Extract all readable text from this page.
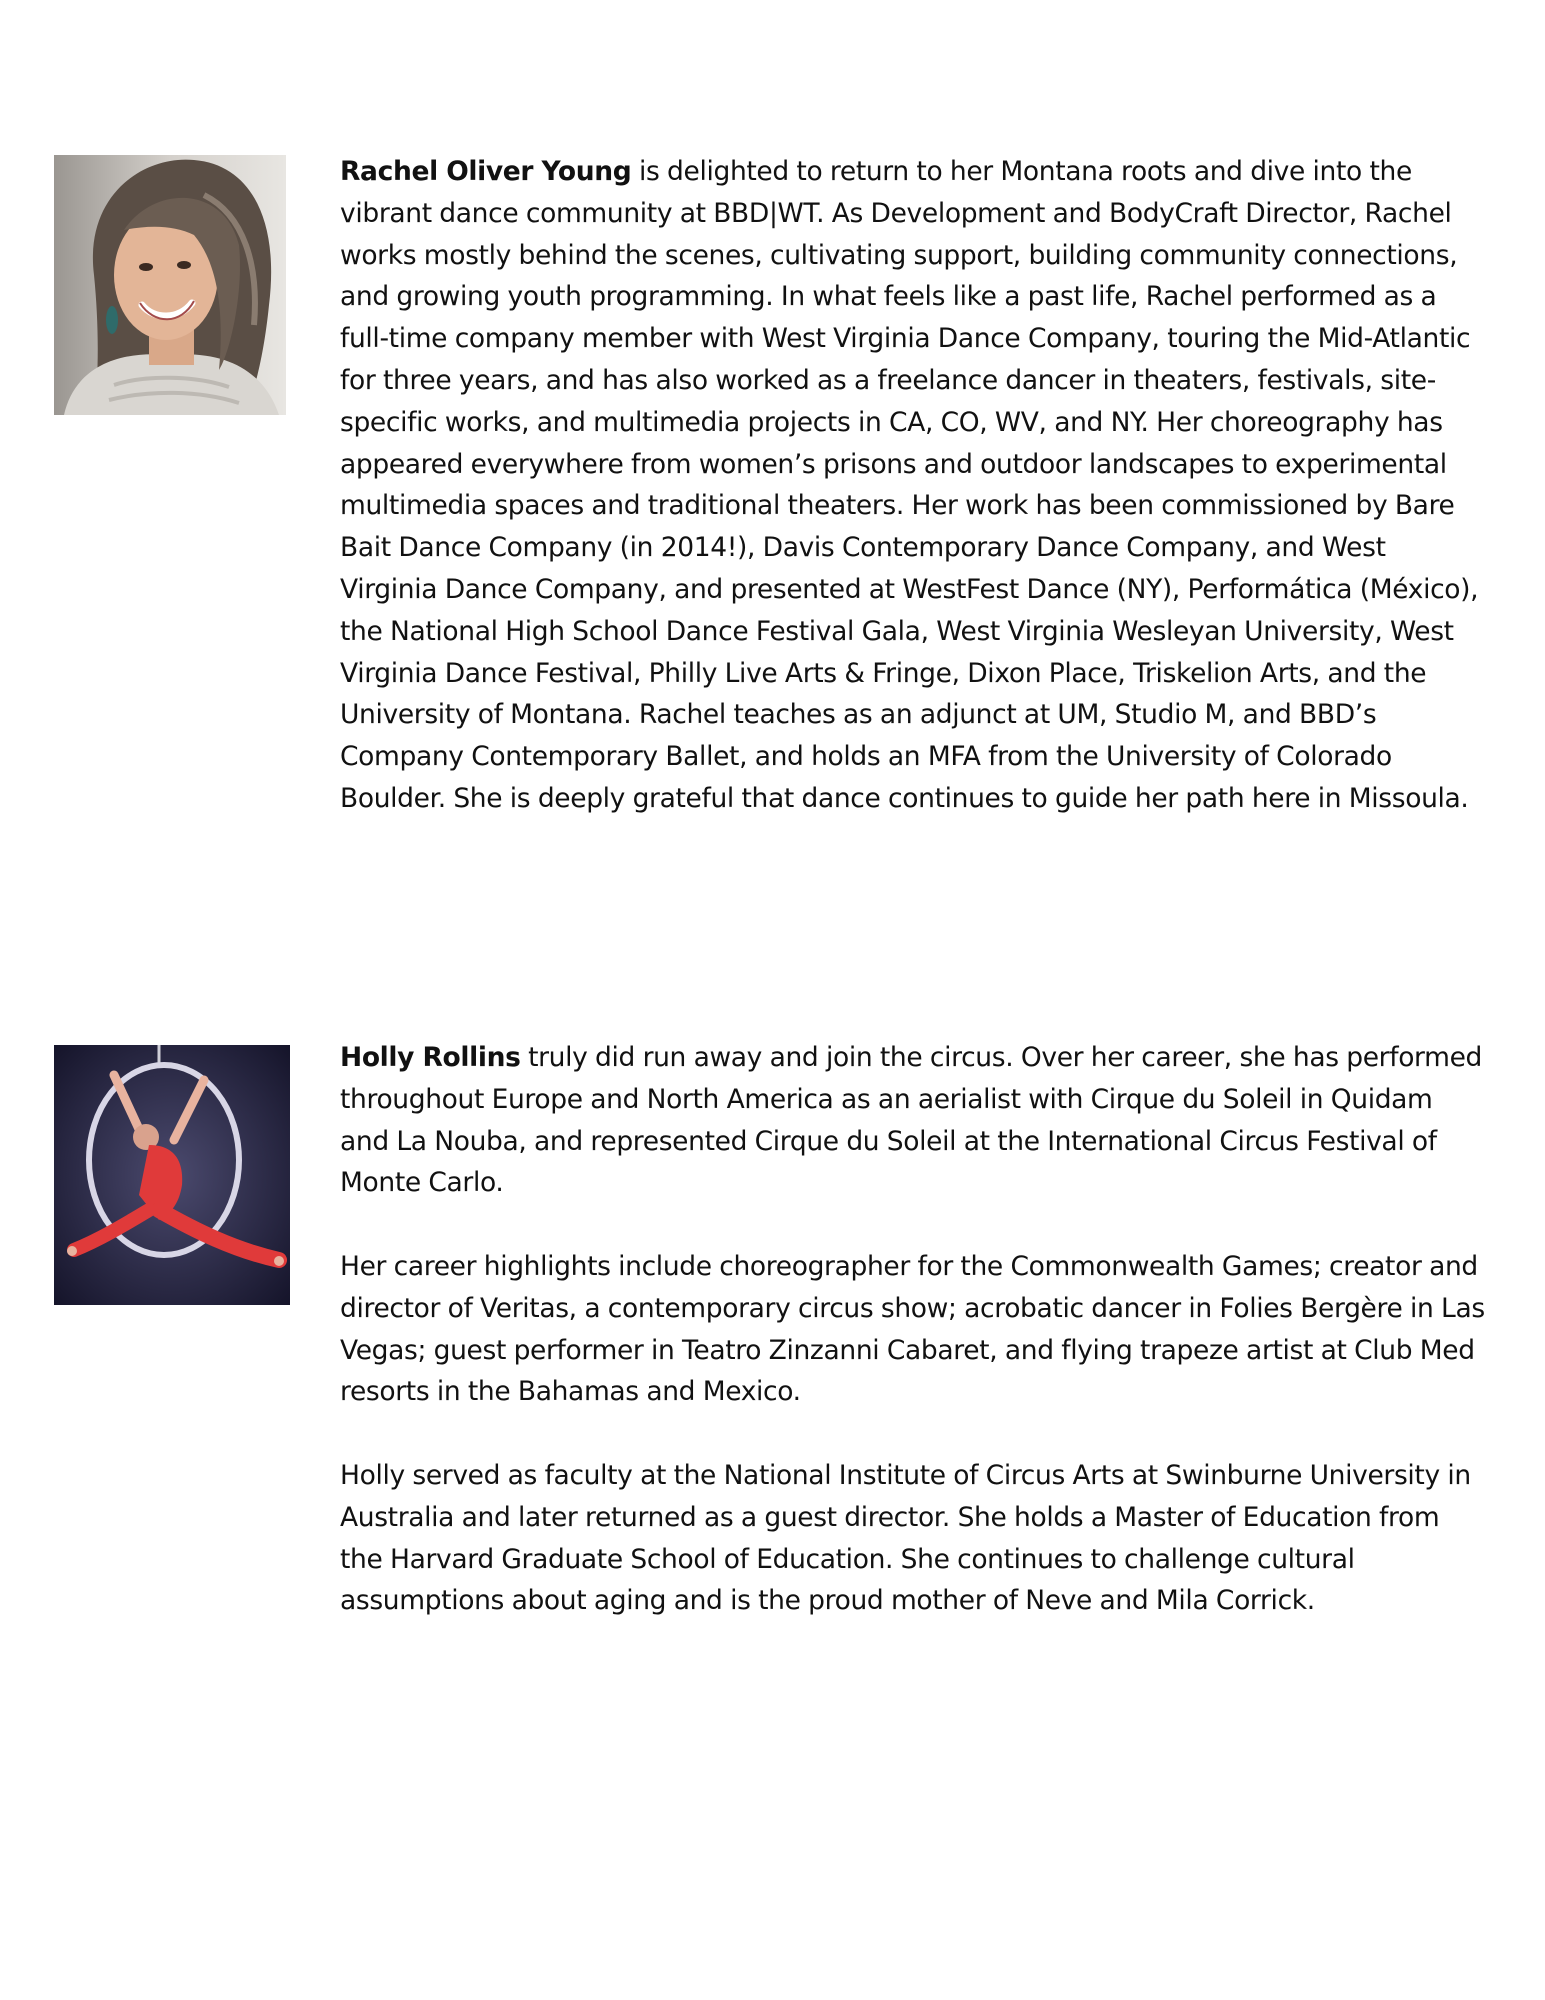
Rachel Oliver Young is delighted to return to her Montana roots and dive into the vibrant dance community at BBD|WT. As Development and BodyCraft Director, Rachel works mostly behind the scenes, cultivating support, building community connections, and growing youth programming. In what feels like a past life, Rachel performed as a full-time company member with West Virginia Dance Company, touring the Mid-Atlantic for three years, and has also worked as a freelance dancer in theaters, festivals, site-specific works, and multimedia projects in CA, CO, WV, and NY. Her choreography has appeared everywhere from women’s prisons and outdoor landscapes to experimental multimedia spaces and traditional theaters. Her work has been commissioned by Bare Bait Dance Company (in 2014!), Davis Contemporary Dance Company, and West Virginia Dance Company, and presented at WestFest Dance (NY), Performática (México), the National High School Dance Festival Gala, West Virginia Wesleyan University, West Virginia Dance Festival, Philly Live Arts & Fringe, Dixon Place, Triskelion Arts, and the University of Montana. Rachel teaches as an adjunct at UM, Studio M, and BBD’s Company Contemporary Ballet, and holds an MFA from the University of Colorado Boulder. She is deeply grateful that dance continues to guide her path here in Missoula.

Holly Rollins truly did run away and join the circus. Over her career, she has performed throughout Europe and North America as an aerialist with Cirque du Soleil in Quidam and La Nouba, and represented Cirque du Soleil at the International Circus Festival of Monte Carlo.

Her career highlights include choreographer for the Commonwealth Games; creator and director of Veritas, a contemporary circus show; acrobatic dancer in Folies Bergère in Las Vegas; guest performer in Teatro Zinzanni Cabaret, and flying trapeze artist at Club Med resorts in the Bahamas and Mexico.

Holly served as faculty at the National Institute of Circus Arts at Swinburne University in Australia and later returned as a guest director. She holds a Master of Education from the Harvard Graduate School of Education. She continues to challenge cultural assumptions about aging and is the proud mother of Neve and Mila Corrick.
